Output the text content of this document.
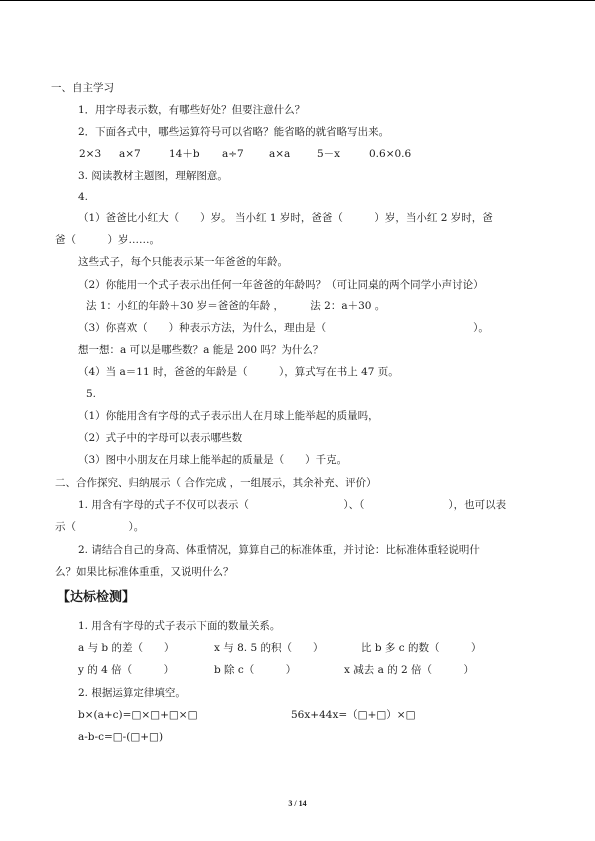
一、自主学习
1．用字母表示数，有哪些好处？但要注意什么？
2．下面各式中，哪些运算符号可以省略？能省略的就省略写出来。
2×3 a×7	14＋b a÷7 a×a	5－x	0.6×0.6
3. 阅读教材主题图，理解图意。
4.
（1）爸爸比小红大（　　）岁。 当小红 1 岁时，爸爸（　　　）岁，当小红 2 岁时，爸
爸（　　　）岁……。
这些式子，每个只能表示某一年爸爸的年龄。
（2）你能用一个式子表示出任何一年爸爸的年龄吗？（可让同桌的两个同学小声讨论）
法 1：小红的年龄＋30 岁＝爸爸的年龄 ，　　　法 2：a＋30 。
（3）你喜欢（　　）种表示方法，为什么，理由是（　　　　　　　　　　　　　　）。
想一想：a 可以是哪些数？a 能是 200 吗？为什么？
（4）当 a＝11 时，爸爸的年龄是（　　　），算式写在书上 47 页。
5.
（1）你能用含有字母的式子表示出人在月球上能举起的质量吗，
（2）式子中的字母可以表示哪些数
（3）图中小朋友在月球上能举起的质量是（　　）千克。
二、合作探究、归纳展示（ 合作完成 ，一组展示，其余补充、评价）
1. 用含有字母的式子不仅可以表示（　　　　　　　　　）、（　　　　　　　　），也可以表
示（　　　　　）。
2. 请结合自己的身高、体重情况，算算自己的标准体重，并讨论：比标准体重轻说明什
么？如果比标准体重重，又说明什么？
【达标检测】
1. 用含有字母的式子表示下面的数量关系。
a 与 b 的差（　　）	x 与 8. 5 的积（　　）	比 b 多 c 的数（　　　）
y 的 4 倍（　　　）	b 除 c（　　　）	x 减去 a 的 2 倍（　　　）
2. 根据运算定律填空。
b×(a+c)=□×□+□×□	56x+44x=（□+□）×□
a-b-c=□-(□+□)
3 / 14
